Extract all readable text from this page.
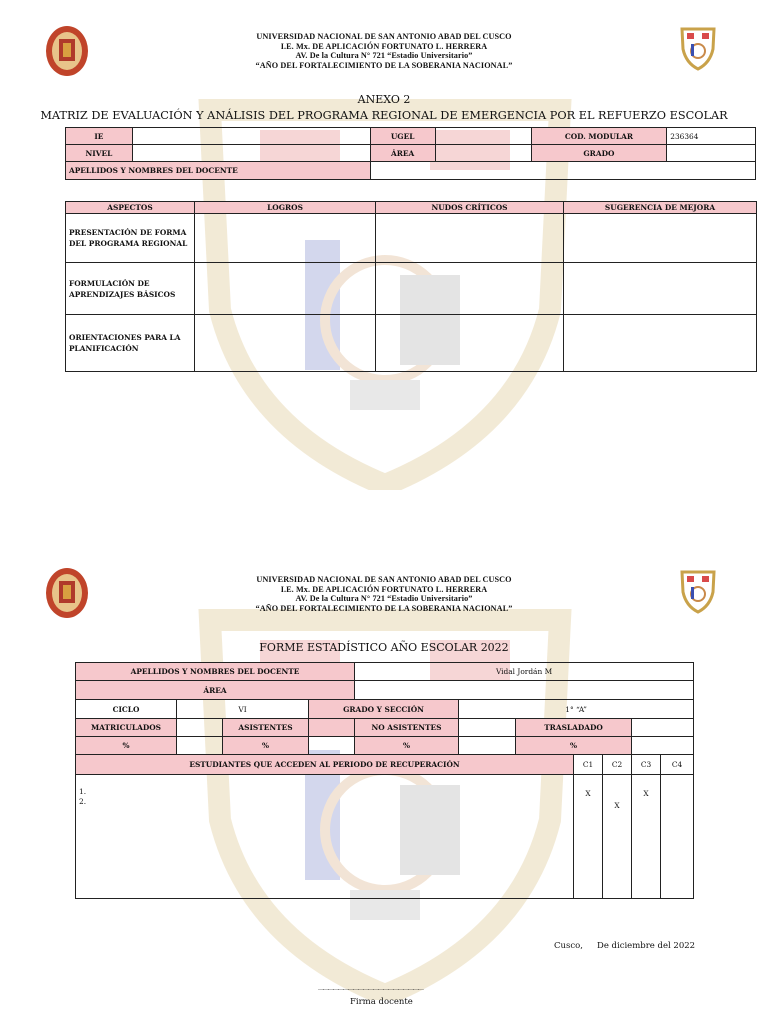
UNIVERSIDAD NACIONAL DE SAN ANTONIO ABAD DEL CUSCO
I.E. Mx. DE APLICACIÓN FORTUNATO L. HERRERA
AV. De la Cultura N° 721 “Estadio Universitario”
“AÑO DEL FORTALECIMIENTO DE LA SOBERANIA NACIONAL”
ANEXO 2
MATRIZ DE EVALUACIÓN Y ANÁLISIS DEL PROGRAMA REGIONAL DE EMERGENCIA POR EL REFUERZO ESCOLAR
IE		UGEL		COD. MODULAR	236364
NIVEL		ÁREA		GRADO	
APELLIDOS Y NOMBRES DEL DOCENTE					
ASPECTOS	LOGROS	NUDOS CRÍTICOS	SUGERENCIA DE MEJORA
PRESENTACIÓN DE FORMA DEL PROGRAMA REGIONAL			
FORMULACIÓN DE APRENDIZAJES BÁSICOS			
ORIENTACIONES PARA LA PLANIFICACIÓN			
UNIVERSIDAD NACIONAL DE SAN ANTONIO ABAD DEL CUSCO
I.E. Mx. DE APLICACIÓN FORTUNATO L. HERRERA
AV. De la Cultura N° 721 “Estadio Universitario”
“AÑO DEL FORTALECIMIENTO DE LA SOBERANIA NACIONAL”
FORME ESTADÍSTICO AÑO ESCOLAR 2022
APELLIDOS Y NOMBRES DEL DOCENTE				Vidal Jordán M						
ÁREA										
CICLO	VI		GRADO Y SECCIÓN		1° “A”					
MATRICULADOS		ASISTENTES		NO ASISTENTES		TRASLADADO				
%		%		%		%				
ESTUDIANTES QUE ACCEDEN AL PERIODO DE RECUPERACIÓN							C1	C2	C3	C4

1.
2.							X	X	X	
Cusco, De diciembre del 2022
………………………………………………………
Firma docente
